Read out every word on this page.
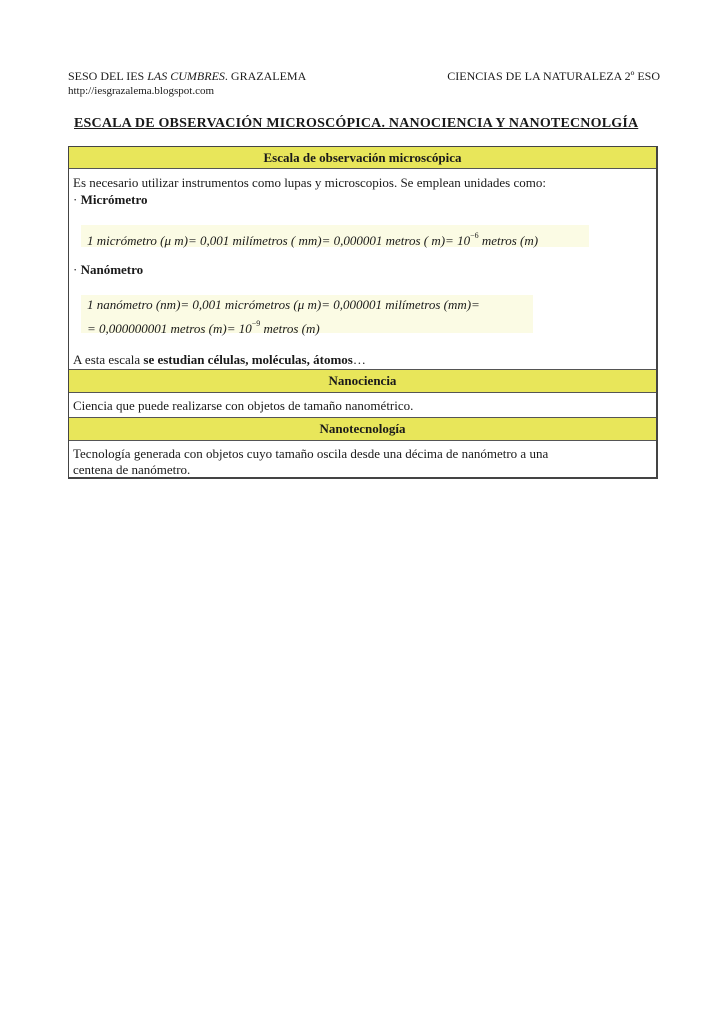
SESO DEL IES LAS CUMBRES. GRAZALEMA	CIENCIAS DE LA NATURALEZA 2º ESO
http://iesgrazalema.blogspot.com
ESCALA DE OBSERVACIÓN MICROSCÓPICA. NANOCIENCIA Y NANOTECNOLGÍA
Escala de observación microscópica
Es necesario utilizar instrumentos como lupas y microscopios. Se emplean unidades como:
· Micrómetro
1 micrómetro (μ m)= 0,001 milímetros ( mm)= 0,000001 metros ( $m)= 10^{-6}$ metros (m)
· Nanómetro
1 nanómetro (nm)= 0,001 micrómetros (μ m)= 0,000001 milímetros (mm)=
= 0,000000001 metros $(m)= 10^{-9}$ metros (m)
A esta escala se estudian células, moléculas, átomos…
Nanociencia
Ciencia que puede realizarse con objetos de tamaño nanométrico.
Nanotecnología
Tecnología generada con objetos cuyo tamaño oscila desde una décima de nanómetro a una
centena de nanómetro.
